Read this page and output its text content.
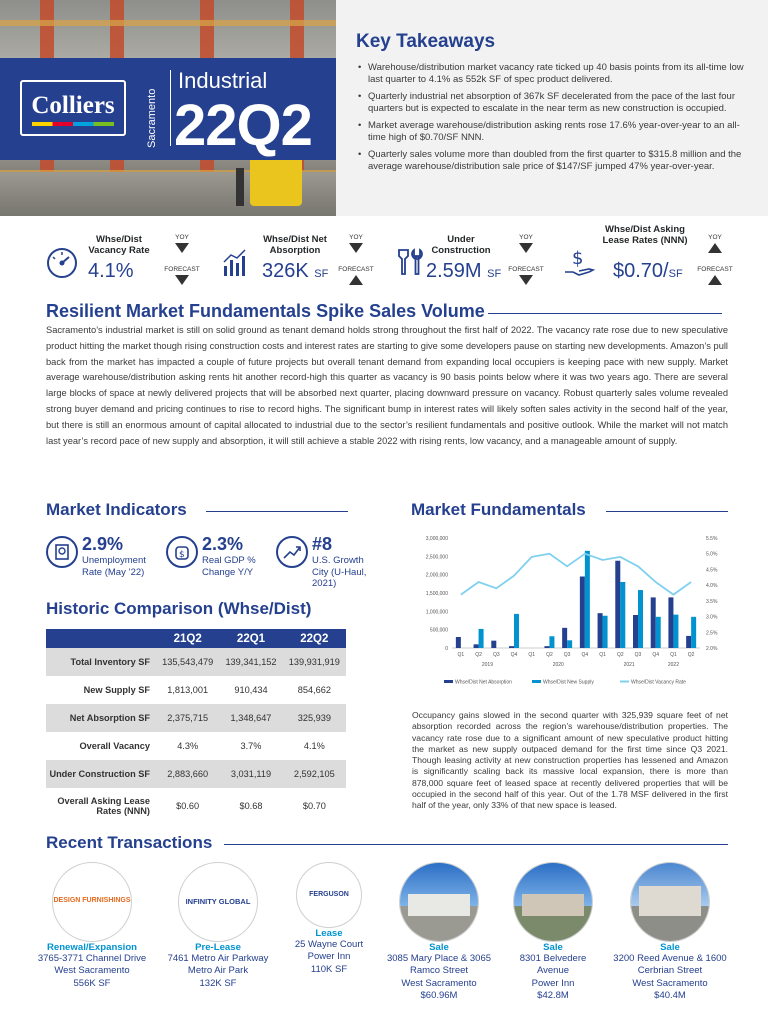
Colliers	Sacramento
Industrial
22Q2
Key Takeaways
• Warehouse/distribution market vacancy rate ticked up 40 basis points from its all-time low last quarter to 4.1% as 552k SF of spec product delivered.
• Quarterly industrial net absorption of 367k SF decelerated from the pace of the last four quarters but is expected to escalate in the near term as new construction is occupied.
• Market average warehouse/distribution asking rents rose 17.6% year-over-year to an all-time high of $0.70/SF NNN.
• Quarterly sales volume more than doubled from the first quarter to $315.8 million and the average warehouse/distribution sale price of $147/SF jumped 47% year-over-year.
Whse/Dist Vacancy Rate
4.1%
YOY
FORECAST
Whse/Dist Net Absorption
326K SF
YOY
FORECAST
Under Construction
2.59M SF
YOY
FORECAST
$
Whse/Dist Asking Lease Rates (NNN)
$0.70/SF
YOY
FORECAST
Resilient Market Fundamentals Spike Sales Volume
Sacramento’s industrial market is still on solid ground as tenant demand holds strong throughout the first half of 2022. The vacancy rate rose due to new speculative product hitting the market though rising construction costs and interest rates are starting to give some developers pause on starting new developments. Amazon’s pull back from the market has impacted a couple of future projects but overall tenant demand from expanding local occupiers is keeping pace with new supply. Market average warehouse/distribution asking rents hit another record-high this quarter as vacancy is 90 basis points below where it was two years ago. There are several large blocks of space at newly delivered projects that will be absorbed next quarter, placing downward pressure on vacancy. Robust quarterly sales volume revealed strong buyer demand and pricing continues to rise to record highs. The significant bump in interest rates will likely soften sales activity in the second half of the year, but there is still an enormous amount of capital allocated to industrial due to the sector’s resilient fundamentals and positive outlook. While the market will not match last year’s record pace of new supply and absorption, it will still achieve a stable 2022 with rising rents, low vacancy, and a manageable amount of supply.
Market Indicators
2.9%
Unemployment Rate (May ’22)
$
2.3%
Real GDP % Change Y/Y
#8
U.S. Growth City (U-Haul, 2021)
Historic Comparison (Whse/Dist)
	21Q2	22Q1	22Q2
Total Inventory SF	135,543,479	139,341,152	139,931,919
New Supply SF	1,813,001	910,434	854,662
Net Absorption SF	2,375,715	1,348,647	325,939
Overall Vacancy	4.3%	3.7%	4.1%
Under Construction SF	2,883,660	3,031,119	2,592,105
Overall Asking Lease Rates (NNN)	$0.60	$0.68	$0.70
Market Fundamentals
3,000,000
2,500,000
2,000,000
1,500,000
1,000,000
500,000
0
5.5%
5.0%
4.5%
4.0%
3.5%
3.0%
2.5%
2.0%
Q1 Q2 Q3 Q4 Q1 Q2 Q3 Q4 Q1 Q2 Q3 Q4 Q1 Q2
2019	2020	2021	2022
Whse/Dist Net Absorption	Whse/Dist New Supply	Whse/Dist Vacancy Rate
Occupancy gains slowed in the second quarter with 325,939 square feet of net absorption recorded across the region’s warehouse/distribution properties. The vacancy rate rose due to a significant amount of new speculative product hitting the market as new supply outpaced demand for the first time since Q3 2021. Though leasing activity at new construction properties has lessened and Amazon is significantly scaling back its massive local expansion, there is more than 878,000 square feet of leased space at recently delivered properties that will be occupied in the second half of this year. Out of the 1.78 MSF delivered in the first half of the year, only 33% of that new space is leased.
Recent Transactions
DESIGN FURNISHINGS
Renewal/Expansion
3765-3771 Channel Drive
West Sacramento
556K SF
INFINITY GLOBAL
Pre-Lease
7461 Metro Air Parkway
Metro Air Park
132K SF
FERGUSON
Lease
25 Wayne Court
Power Inn
110K SF
Sale
3085 Mary Place & 3065
Ramco Street
West Sacramento
$60.96M
Sale
8301 Belvedere
Avenue
Power Inn
$42.8M
Sale
3200 Reed Avenue & 1600
Cerbrian Street
West Sacramento
$40.4M
